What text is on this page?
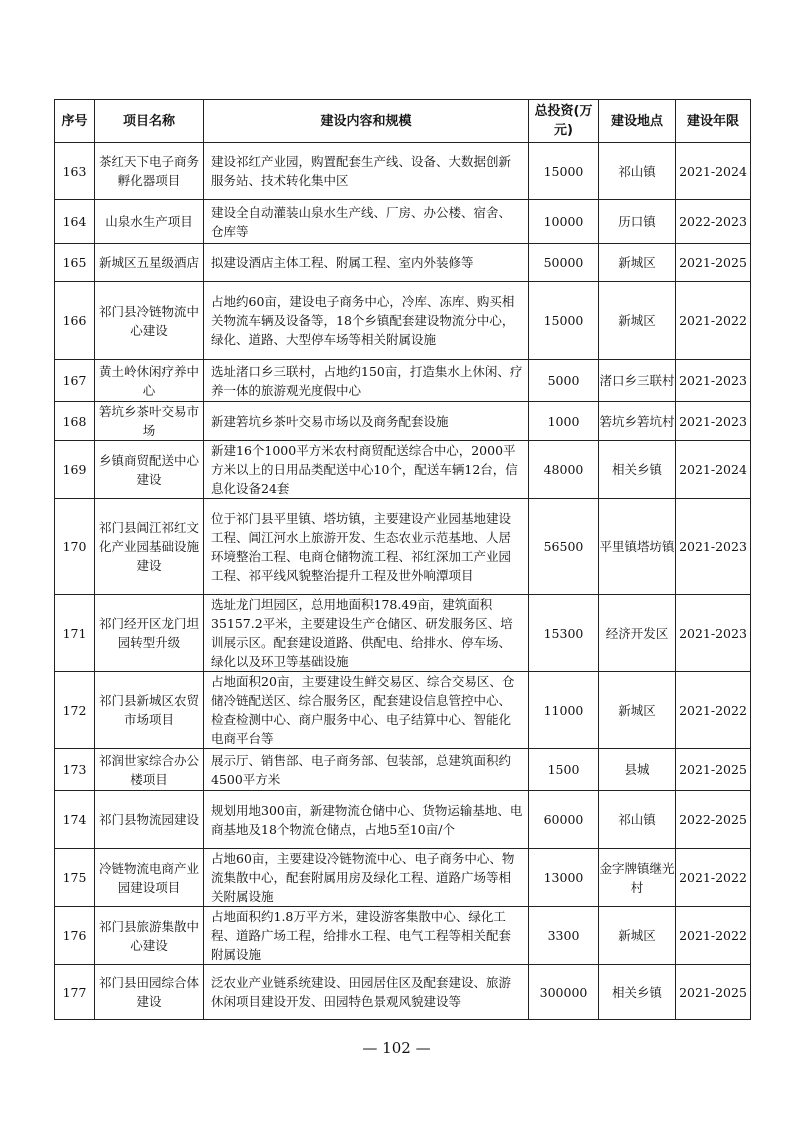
序号	项目名称	建设内容和规模	总投资(万元)	建设地点	建设年限
163	茶红天下电子商务孵化器项目	建设祁红产业园，购置配套生产线、设备、大数据创新服务站、技术转化集中区	15000	祁山镇	2021-2024
164	山泉水生产项目	建设全自动灌装山泉水生产线、厂房、办公楼、宿舍、仓库等	10000	历口镇	2022-2023
165	新城区五星级酒店	拟建设酒店主体工程、附属工程、室内外装修等	50000	新城区	2021-2025
166	祁门县冷链物流中心建设	占地约60亩，建设电子商务中心，冷库、冻库、购买相关物流车辆及设备等，18个乡镇配套建设物流分中心，绿化、道路、大型停车场等相关附属设施	15000	新城区	2021-2022
167	黄土岭休闲疗养中心	选址渚口乡三联村，占地约150亩，打造集水上休闲、疗养一体的旅游观光度假中心	5000	渚口乡三联村	2021-2023
168	箬坑乡茶叶交易市场	新建箬坑乡茶叶交易市场以及商务配套设施	1000	箬坑乡箬坑村	2021-2023
169	乡镇商贸配送中心建设	新建16个1000平方米农村商贸配送综合中心，2000平方米以上的日用品类配送中心10个，配送车辆12台，信息化设备24套	48000	相关乡镇	2021-2024
170	祁门县阊江祁红文化产业园基础设施建设	位于祁门县平里镇、塔坊镇，主要建设产业园基地建设工程、阊江河水上旅游开发、生态农业示范基地、人居环境整治工程、电商仓储物流工程、祁红深加工产业园工程、祁平线风貌整治提升工程及世外响潭项目	56500	平里镇塔坊镇	2021-2023
171	祁门经开区龙门坦园转型升级	选址龙门坦园区，总用地面积178.49亩，建筑面积35157.2平米，主要建设生产仓储区、研发服务区、培训展示区。配套建设道路、供配电、给排水、停车场、绿化以及环卫等基础设施	15300	经济开发区	2021-2023
172	祁门县新城区农贸市场项目	占地面积20亩，主要建设生鲜交易区、综合交易区、仓储冷链配送区、综合服务区，配套建设信息管控中心、检查检测中心、商户服务中心、电子结算中心、智能化电商平台等	11000	新城区	2021-2022
173	祁润世家综合办公楼项目	展示厅、销售部、电子商务部、包装部，总建筑面积约4500平方米	1500	县城	2021-2025
174	祁门县物流园建设	规划用地300亩，新建物流仓储中心、货物运输基地、电商基地及18个物流仓储点，占地5至10亩/个	60000	祁山镇	2022-2025
175	冷链物流电商产业园建设项目	占地60亩，主要建设冷链物流中心、电子商务中心、物流集散中心，配套附属用房及绿化工程、道路广场等相关附属设施	13000	金字牌镇继光村	2021-2022
176	祁门县旅游集散中心建设	占地面积约1.8万平方米，建设游客集散中心、绿化工程、道路广场工程，给排水工程、电气工程等相关配套附属设施	3300	新城区	2021-2022
177	祁门县田园综合体建设	泛农业产业链系统建设、田园居住区及配套建设、旅游休闲项目建设开发、田园特色景观风貌建设等	300000	相关乡镇	2021-2025
— 102 —
